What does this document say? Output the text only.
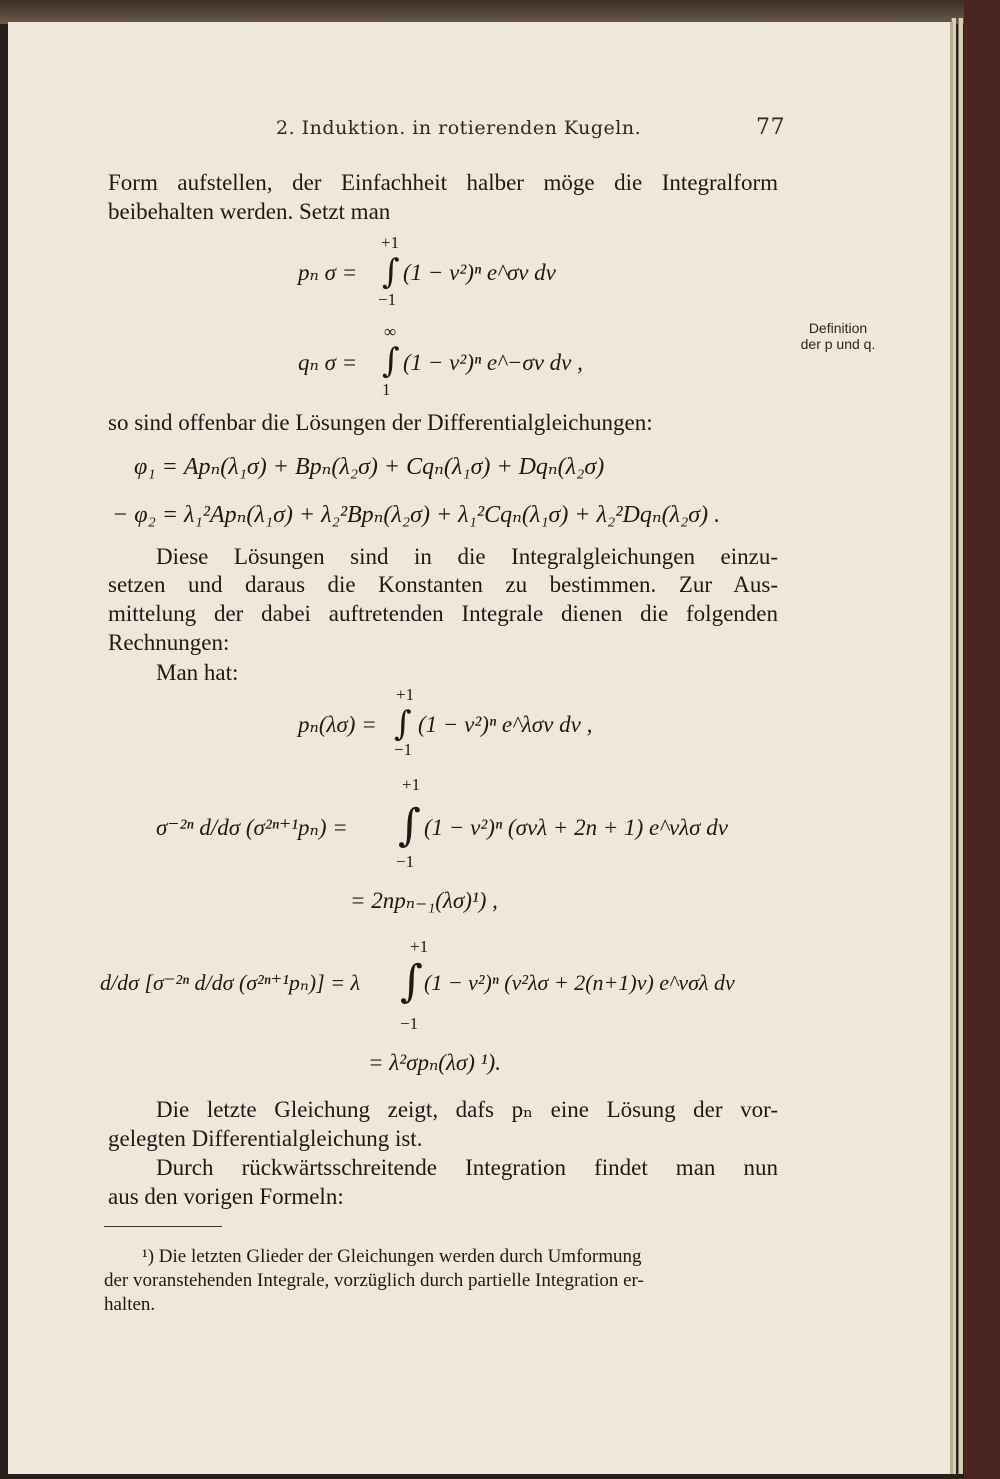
2. Induktion. in rotierenden Kugeln.	77
Form aufstellen, der Einfachheit halber möge die Integralform
beibehalten werden. Setzt man
+1
pₙ σ = ∫ (1 − v²)ⁿ e^σv dv
−1
∞
qₙ σ = ∫ (1 − v²)ⁿ e^−σv dv ,
1
Definition
der p und q.
so sind offenbar die Lösungen der Differentialgleichungen:
φ₁ = Apₙ(λ₁σ) + Bpₙ(λ₂σ) + Cqₙ(λ₁σ) + Dqₙ(λ₂σ)
− φ₂ = λ₁²Apₙ(λ₁σ) + λ₂²Bpₙ(λ₂σ) + λ₁²Cqₙ(λ₁σ) + λ₂²Dqₙ(λ₂σ) .
Diese Lösungen sind in die Integralgleichungen einzu-
setzen und daraus die Konstanten zu bestimmen. Zur Aus-
mittelung der dabei auftretenden Integrale dienen die folgenden
Rechnungen:
Man hat:
+1
pₙ(λσ) = ∫ (1 − v²)ⁿ e^λσv dv ,
−1
+1
σ⁻²ⁿ d/dσ (σ²ⁿ⁺¹pₙ) = ∫ (1 − v²)ⁿ (σvλ + 2n + 1) e^vλσ dv
−1
= 2npₙ₋₁(λσ)¹) ,
+1
d/dσ [σ⁻²ⁿ d/dσ (σ²ⁿ⁺¹pₙ)] = λ ∫ (1 − v²)ⁿ (v²λσ + 2(n+1)v) e^vσλ dv
−1
= λ²σpₙ(λσ) ¹).
Die letzte Gleichung zeigt, dafs pₙ eine Lösung der vor-
gelegten Differentialgleichung ist.
Durch rückwärtsschreitende Integration findet man nun
aus den vorigen Formeln:
¹) Die letzten Glieder der Gleichungen werden durch Umformung
der voranstehenden Integrale, vorzüglich durch partielle Integration er-
halten.
